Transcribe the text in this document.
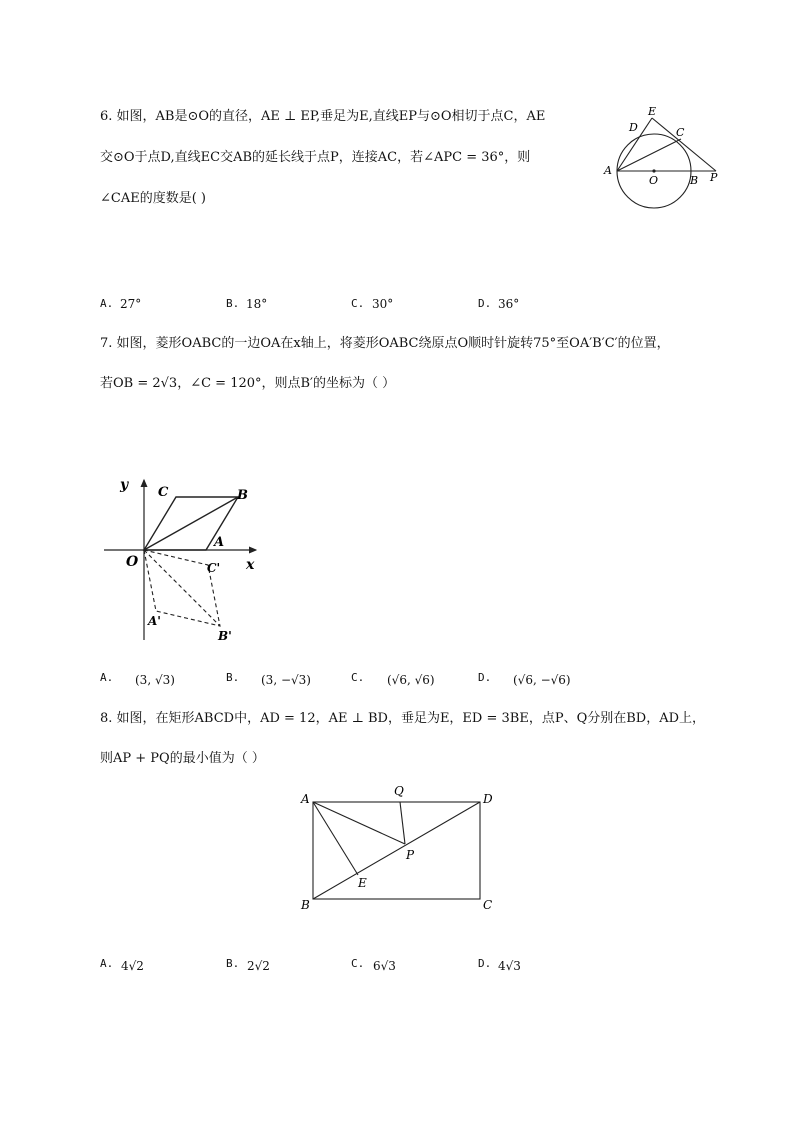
6. 如图，AB是⊙O的直径，AE ⊥ EP,垂足为E,直线EP与⊙O相切于点C，AE
交⊙O于点D,直线EC交AB的延长线于点P，连接AC，若∠APC = 36°，则
∠CAE的度数是( )
E
D	C
A
O	B P
A. 27°	B. 18°	C. 30°	D. 36°
7. 如图，菱形OABC的一边OA在x轴上，将菱形OABC绕原点O顺时针旋转75°至OA′B′C′的位置，
若OB = 2√3，∠C = 120°，则点B′的坐标为（ ）
y
x
O
A
B
C
A'
B'
C'
A. (3, √3)	B. (3, −√3)	C. (√6, √6)	D. (√6, −√6)
8. 如图，在矩形ABCD中，AD = 12，AE ⊥ BD，垂足为E，ED = 3BE，点P、Q分别在BD，AD上，
则AP + PQ的最小值为（ ）
A
Q
D
P
E
B	C
A. 4√2	B. 2√2	C. 6√3	D. 4√3
